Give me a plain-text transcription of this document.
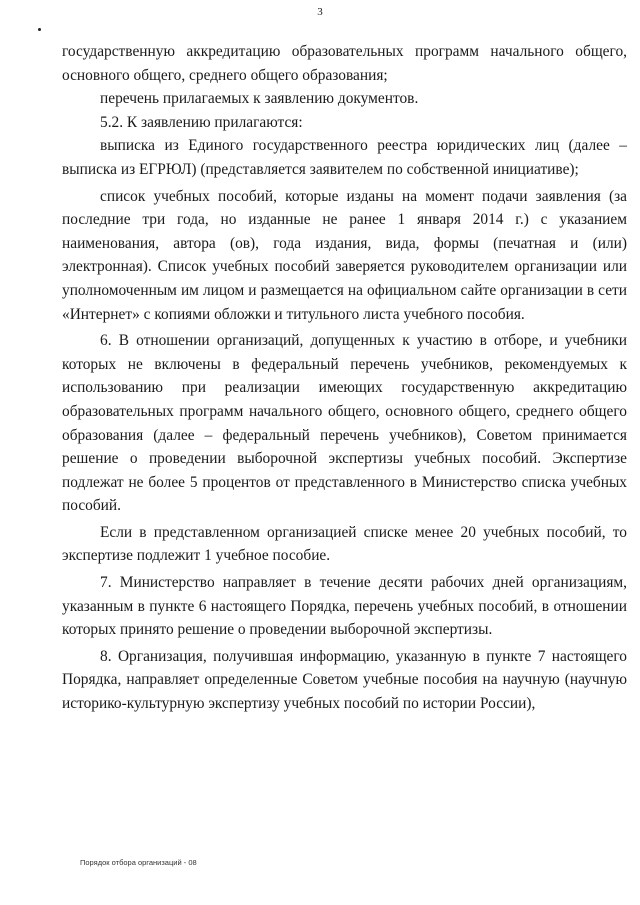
3

государственную аккредитацию образовательных программ начального общего, основного общего, среднего общего образования;

перечень прилагаемых к заявлению документов.

5.2. К заявлению прилагаются:

выписка из Единого государственного реестра юридических лиц (далее – выписка из ЕГРЮЛ) (представляется заявителем по собственной инициативе);

список учебных пособий, которые изданы на момент подачи заявления (за последние три года, но изданные не ранее 1 января 2014 г.) с указанием наименования, автора (ов), года издания, вида, формы (печатная и (или) электронная). Список учебных пособий заверяется руководителем организации или уполномоченным им лицом и размещается на официальном сайте организации в сети «Интернет» с копиями обложки и титульного листа учебного пособия.

6. В отношении организаций, допущенных к участию в отборе, и учебники которых не включены в федеральный перечень учебников, рекомендуемых к использованию при реализации имеющих государственную аккредитацию образовательных программ начального общего, основного общего, среднего общего образования (далее – федеральный перечень учебников), Советом принимается решение о проведении выборочной экспертизы учебных пособий. Экспертизе подлежат не более 5 процентов от представленного в Министерство списка учебных пособий.

Если в представленном организацией списке менее 20 учебных пособий, то экспертизе подлежит 1 учебное пособие.

7. Министерство направляет в течение десяти рабочих дней организациям, указанным в пункте 6 настоящего Порядка, перечень учебных пособий, в отношении которых принято решение о проведении выборочной экспертизы.

8. Организация, получившая информацию, указанную в пункте 7 настоящего Порядка, направляет определенные Советом учебные пособия на научную (научную историко-культурную экспертизу учебных пособий по истории России),

Порядок отбора организаций - 08
